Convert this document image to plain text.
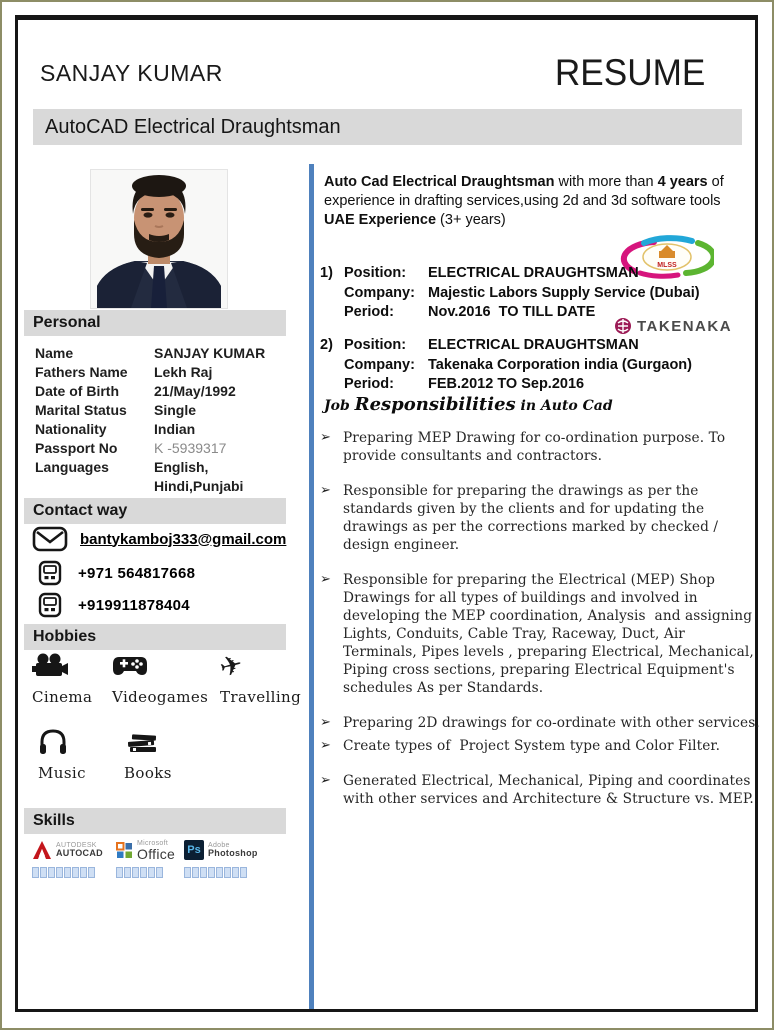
SANJAY KUMAR	RESUME
AutoCAD Electrical Draughtsman
Personal
Name	SANJAY KUMAR
Fathers Name	Lekh Raj
Date of Birth	21/May/1992
Marital Status	Single
Nationality	Indian
Passport No	K -5939317
Languages	English, Hindi,Punjabi
Contact way
bantykamboj333@gmail.com
+971 564817668
+919911878404
Hobbies
Cinema Videogames
✈
Travelling
Music	Books
Skills
AUTODESK
AUTOCAD
Microsoft
Office Ps	Adobe
Photoshop

Auto Cad Electrical Draughtsman with more than 4 years of experience in drafting services,using 2d and 3d software tools

UAE Experience (3+ years)

MLSS
1) Position:	ELECTRICAL DRAUGHTSMAN
Company: Majestic Labors Supply Service (Dubai)
Period:	Nov.2016  TO TILL DATE
TAKENAKA
2) Position:	ELECTRICAL DRAUGHTSMAN
Company: Takenaka Corporation india (Gurgaon)
Period:	FEB.2012 TO Sep.2016
Job Responsibilities in Auto Cad
➢ Preparing MEP Drawing for co-ordination purpose. To provide consultants and contractors.
➢ Responsible for preparing the drawings as per the standards given by the clients and for updating the drawings as per the corrections marked by checked / design engineer.
➢ Responsible for preparing the Electrical (MEP) Shop Drawings for all types of buildings and involved in developing the MEP coordination, Analysis  and assigning Lights, Conduits, Cable Tray, Raceway, Duct, Air Terminals, Pipes levels , preparing Electrical, Mechanical, Piping cross sections, preparing Electrical Equipment's schedules As per Standards.
➢ Preparing 2D drawings for co-ordinate with other services.
➢ Create types of  Project System type and Color Filter.
➢ Generated Electrical, Mechanical, Piping and coordinates with other services and Architecture & Structure vs. MEP.
